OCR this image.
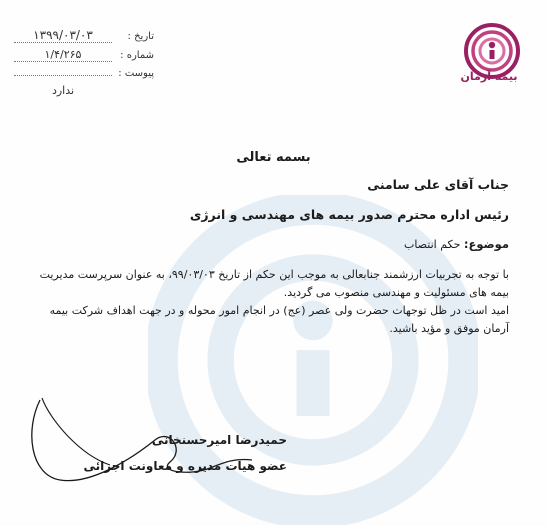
تاریخ :
۱۳۹۹/۰۳/۰۳
شماره :
۱/۴/۲۶۵
پیوست :
ندارد
بیمه آرمان
بسمه تعالی
جناب آقای علی سامنی
رئیس اداره محترم صدور بیمه های مهندسی و انرژی
موضوع: حکم انتصاب

با توجه به تجربیات ارزشمند جنابعالی به موجب این حکم از تاریخ ۹۹/۰۳/۰۳، به عنوان سرپرست مدیریت بیمه های مسئولیت و مهندسی منصوب می گردید.

امید است در ظل توجهات حضرت ولی عصر (عج) در انجام امور محوله و در جهت اهداف شرکت بیمه آرمان موفق و مؤید باشید.

حمیدرضا امیرحسنخانی
عضو هیات مدیره و معاونت اجرائی
